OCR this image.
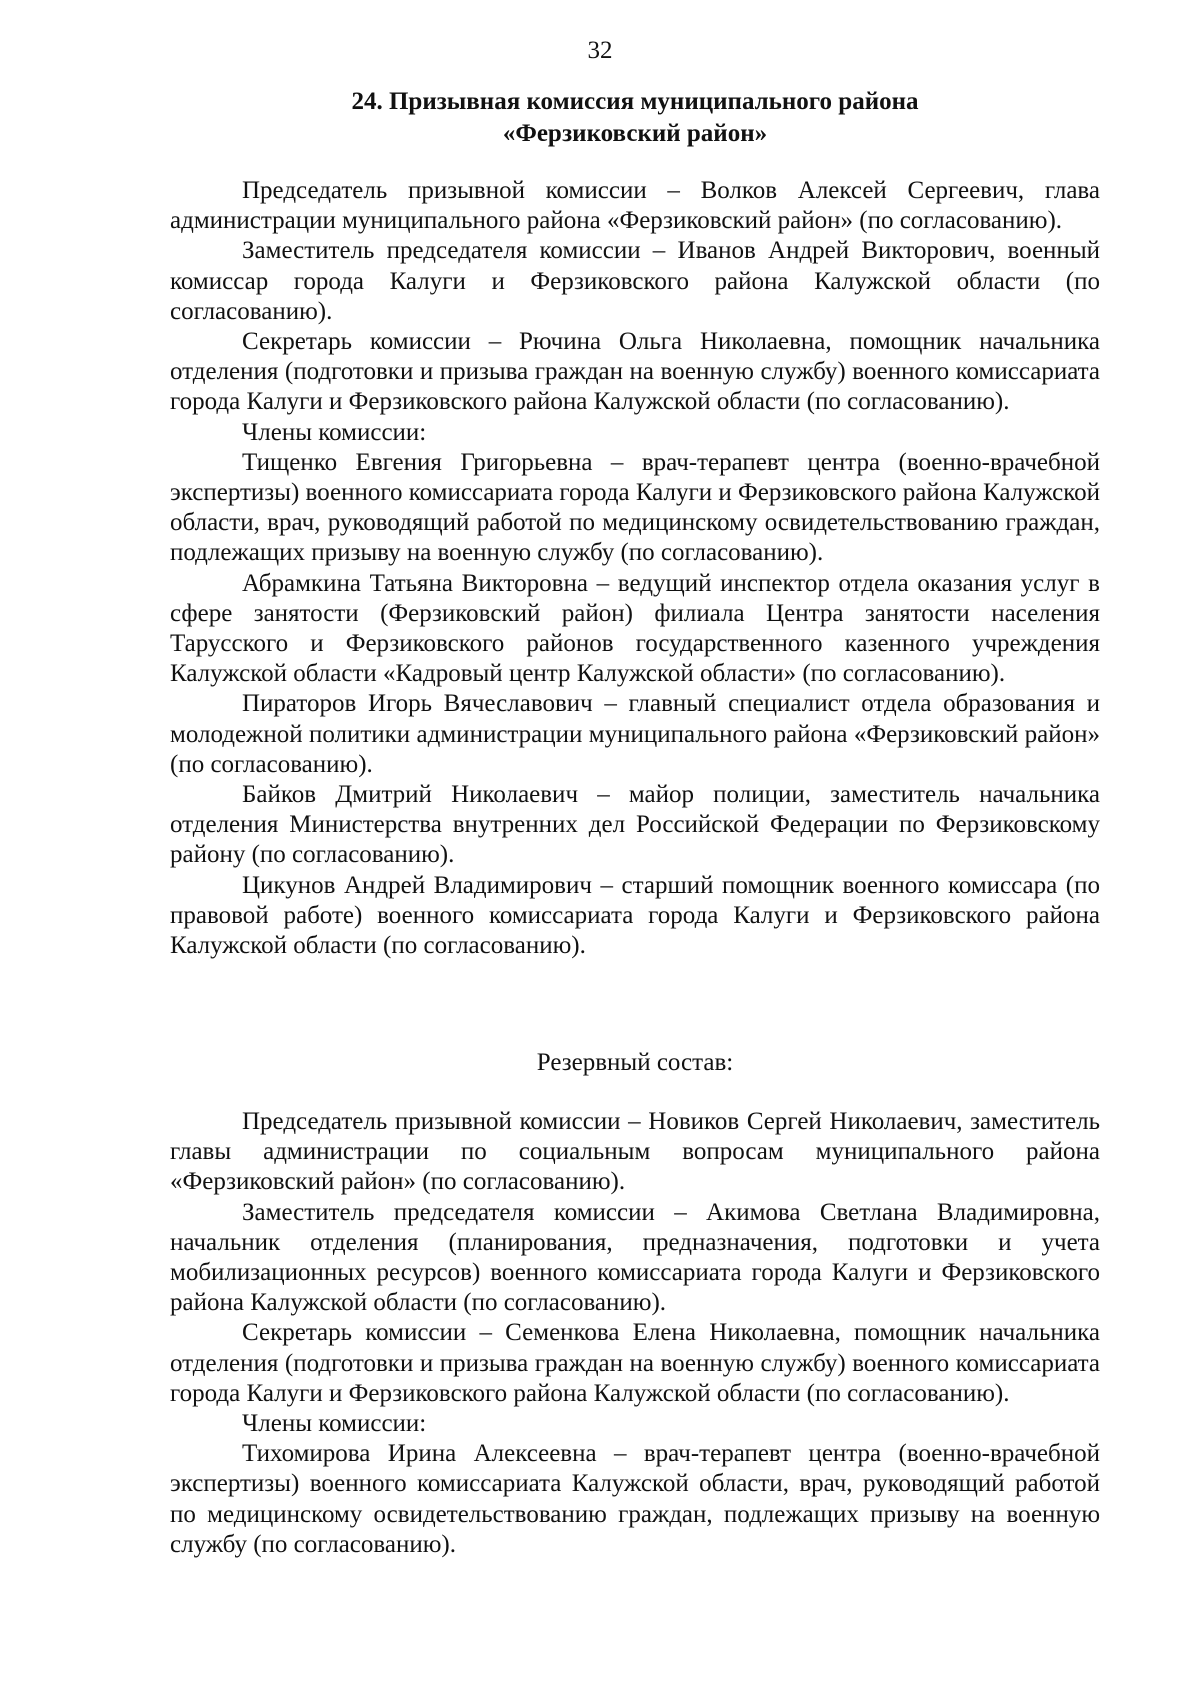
32
24. Призывная комиссия муниципального района
«Ферзиковский район»

Председатель призывной комиссии – Волков Алексей Сергеевич, глава администрации муниципального района «Ферзиковский район» (по согласованию).

Заместитель председателя комиссии – Иванов Андрей Викторович, военный комиссар города Калуги и Ферзиковского района Калужской области (по согласованию).

Секретарь комиссии – Рючина Ольга Николаевна, помощник начальника отделения (подготовки и призыва граждан на военную службу) военного комиссариата города Калуги и Ферзиковского района Калужской области (по согласованию).

Члены комиссии:

Тищенко Евгения Григорьевна – врач-терапевт центра (военно-врачебной экспертизы) военного комиссариата города Калуги и Ферзиковского района Калужской области, врач, руководящий работой по медицинскому освидетельствованию граждан, подлежащих призыву на военную службу (по согласованию).

Абрамкина Татьяна Викторовна – ведущий инспектор отдела оказания услуг в сфере занятости (Ферзиковский район) филиала Центра занятости населения Тарусского и Ферзиковского районов государственного казенного учреждения Калужской области «Кадровый центр Калужской области» (по согласованию).

Пираторов Игорь Вячеславович – главный специалист отдела образования и молодежной политики администрации муниципального района «Ферзиковский район» (по согласованию).

Байков Дмитрий Николаевич – майор полиции, заместитель начальника отделения Министерства внутренних дел Российской Федерации по Ферзиковскому району (по согласованию).

Цикунов Андрей Владимирович – старший помощник военного комиссара (по правовой работе) военного комиссариата города Калуги и Ферзиковского района Калужской области (по согласованию).

Резервный состав:

Председатель призывной комиссии – Новиков Сергей Николаевич, заместитель главы администрации по социальным вопросам муниципального района «Ферзиковский район» (по согласованию).

Заместитель председателя комиссии – Акимова Светлана Владимировна, начальник отделения (планирования, предназначения, подготовки и учета мобилизационных ресурсов) военного комиссариата города Калуги и Ферзиковского района Калужской области (по согласованию).

Секретарь комиссии – Семенкова Елена Николаевна, помощник начальника отделения (подготовки и призыва граждан на военную службу) военного комиссариата города Калуги и Ферзиковского района Калужской области (по согласованию).

Члены комиссии:

Тихомирова Ирина Алексеевна – врач-терапевт центра (военно-врачебной экспертизы) военного комиссариата Калужской области, врач, руководящий работой по медицинскому освидетельствованию граждан, подлежащих призыву на военную службу (по согласованию).
